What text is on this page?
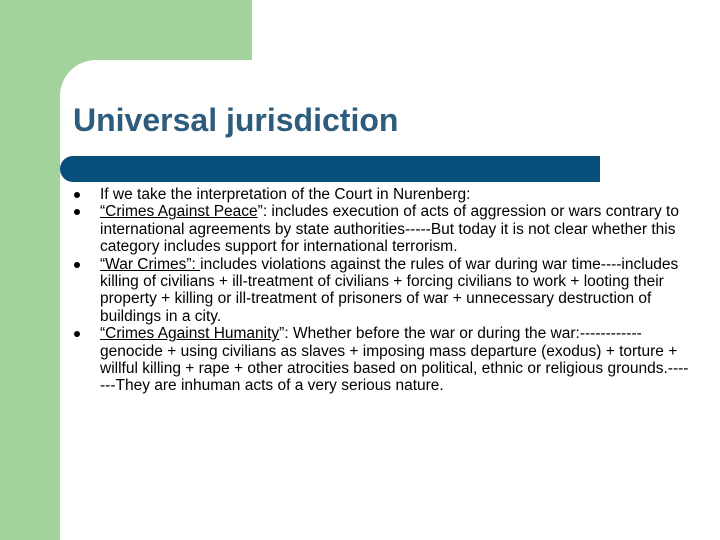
Universal jurisdiction
If we take the interpretation of the Court in Nurenberg:
“Crimes Against Peace”: includes execution of acts of aggression or wars contrary to international agreements by state authorities-----But today it is not clear whether this category includes support for international terrorism.
“War Crimes”: includes violations against the rules of war during war time----includes killing of civilians + ill-treatment of civilians + forcing civilians to work + looting their property + killing or ill-treatment of prisoners of war + unnecessary destruction of buildings in a city.
“Crimes Against Humanity”: Whether before the war or during the war:------------genocide + using civilians as slaves + imposing mass departure (exodus) + torture + willful killing + rape + other atrocities based on political, ethnic or religious grounds.-------They are inhuman acts of a very serious nature.
